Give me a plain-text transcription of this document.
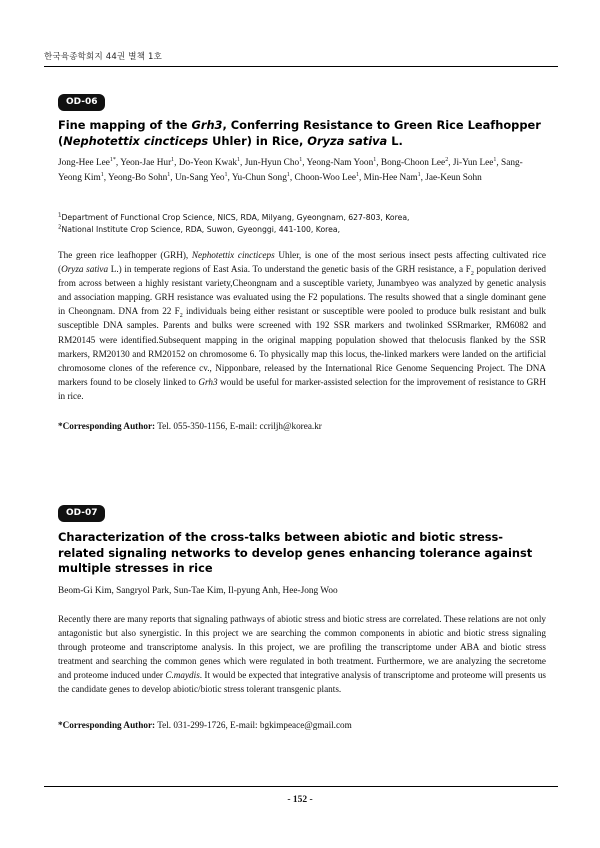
한국육종학회지 44권 별책 1호
OD-06
Fine mapping of the Grh3, Conferring Resistance to Green Rice Leafhopper (Nephotettix cincticeps Uhler) in Rice, Oryza sativa L.
Jong-Hee Lee$^{1*}$, Yeon-Jae Hur$^1$, Do-Yeon Kwak$^1$, Jun-Hyun Cho$^1$, Yeong-Nam Yoon$^1$, Bong-Choon Lee$^2$, Ji-Yun Lee$^1$, Sang-Yeong Kim$^1$, Yeong-Bo Sohn$^1$, Un-Sang Yeo$^1$, Yu-Chun Song$^1$, Choon-Woo Lee$^1$, Min-Hee Nam$^1$, Jae-Keun Sohn
$^1$Department of Functional Crop Science, NICS, RDA, Milyang, Gyeongnam, 627-803, Korea,
$^2$National Institute Crop Science, RDA, Suwon, Gyeonggi, 441-100, Korea,
The green rice leafhopper (GRH), Nephotettix cincticeps Uhler, is one of the most serious insect pests affecting cultivated rice (Oryza sativa L.) in temperate regions of East Asia. To understand the genetic basis of the GRH resistance, a $F_2$ population derived from across between a highly resistant variety,Cheongnam and a susceptible variety, Junambyeo was analyzed by genetic analysis and association mapping. GRH resistance was evaluated using the F2 populations. The results showed that a single dominant gene in Cheongnam. DNA from 22 $F_2$ individuals being either resistant or susceptible were pooled to produce bulk resistant and bulk susceptible DNA samples. Parents and bulks were screened with 192 SSR markers and twolinked SSRmarker, RM6082 and RM20145 were identified.Subsequent mapping in the original mapping population showed that thelocusis flanked by the SSR markers, RM20130 and RM20152 on chromosome 6. To physically map this locus, the-linked markers were landed on the artificial chromosome clones of the reference cv., Nipponbare, released by the International Rice Genome Sequencing Project. The DNA markers found to be closely linked to Grh3 would be useful for marker-assisted selection for the improvement of resistance to GRH in rice.
*Corresponding Author: Tel. 055-350-1156, E-mail: ccriljh@korea.kr
OD-07
Characterization of the cross-talks between abiotic and biotic stress-related signaling networks to develop genes enhancing tolerance against multiple stresses in rice
Beom-Gi Kim, Sangryol Park, Sun-Tae Kim, Il-pyung Anh, Hee-Jong Woo
Recently there are many reports that signaling pathways of abiotic stress and biotic stress are correlated. These relations are not only antagonistic but also synergistic. In this project we are searching the common components in abiotic and biotic stress signaling through proteome and transcriptome analysis. In this project, we are profiling the transcriptome under ABA and biotic stress treatment and searching the common genes which were regulated in both treatment. Furthermore, we are analyzing the secretome and proteome induced under C.maydis. It would be expected that integrative analysis of transcriptome and proteome will presents us the candidate genes to develop abiotic/biotic stress tolerant transgenic plants.
*Corresponding Author: Tel. 031-299-1726, E-mail: bgkimpeace@gmail.com
- 152 -
